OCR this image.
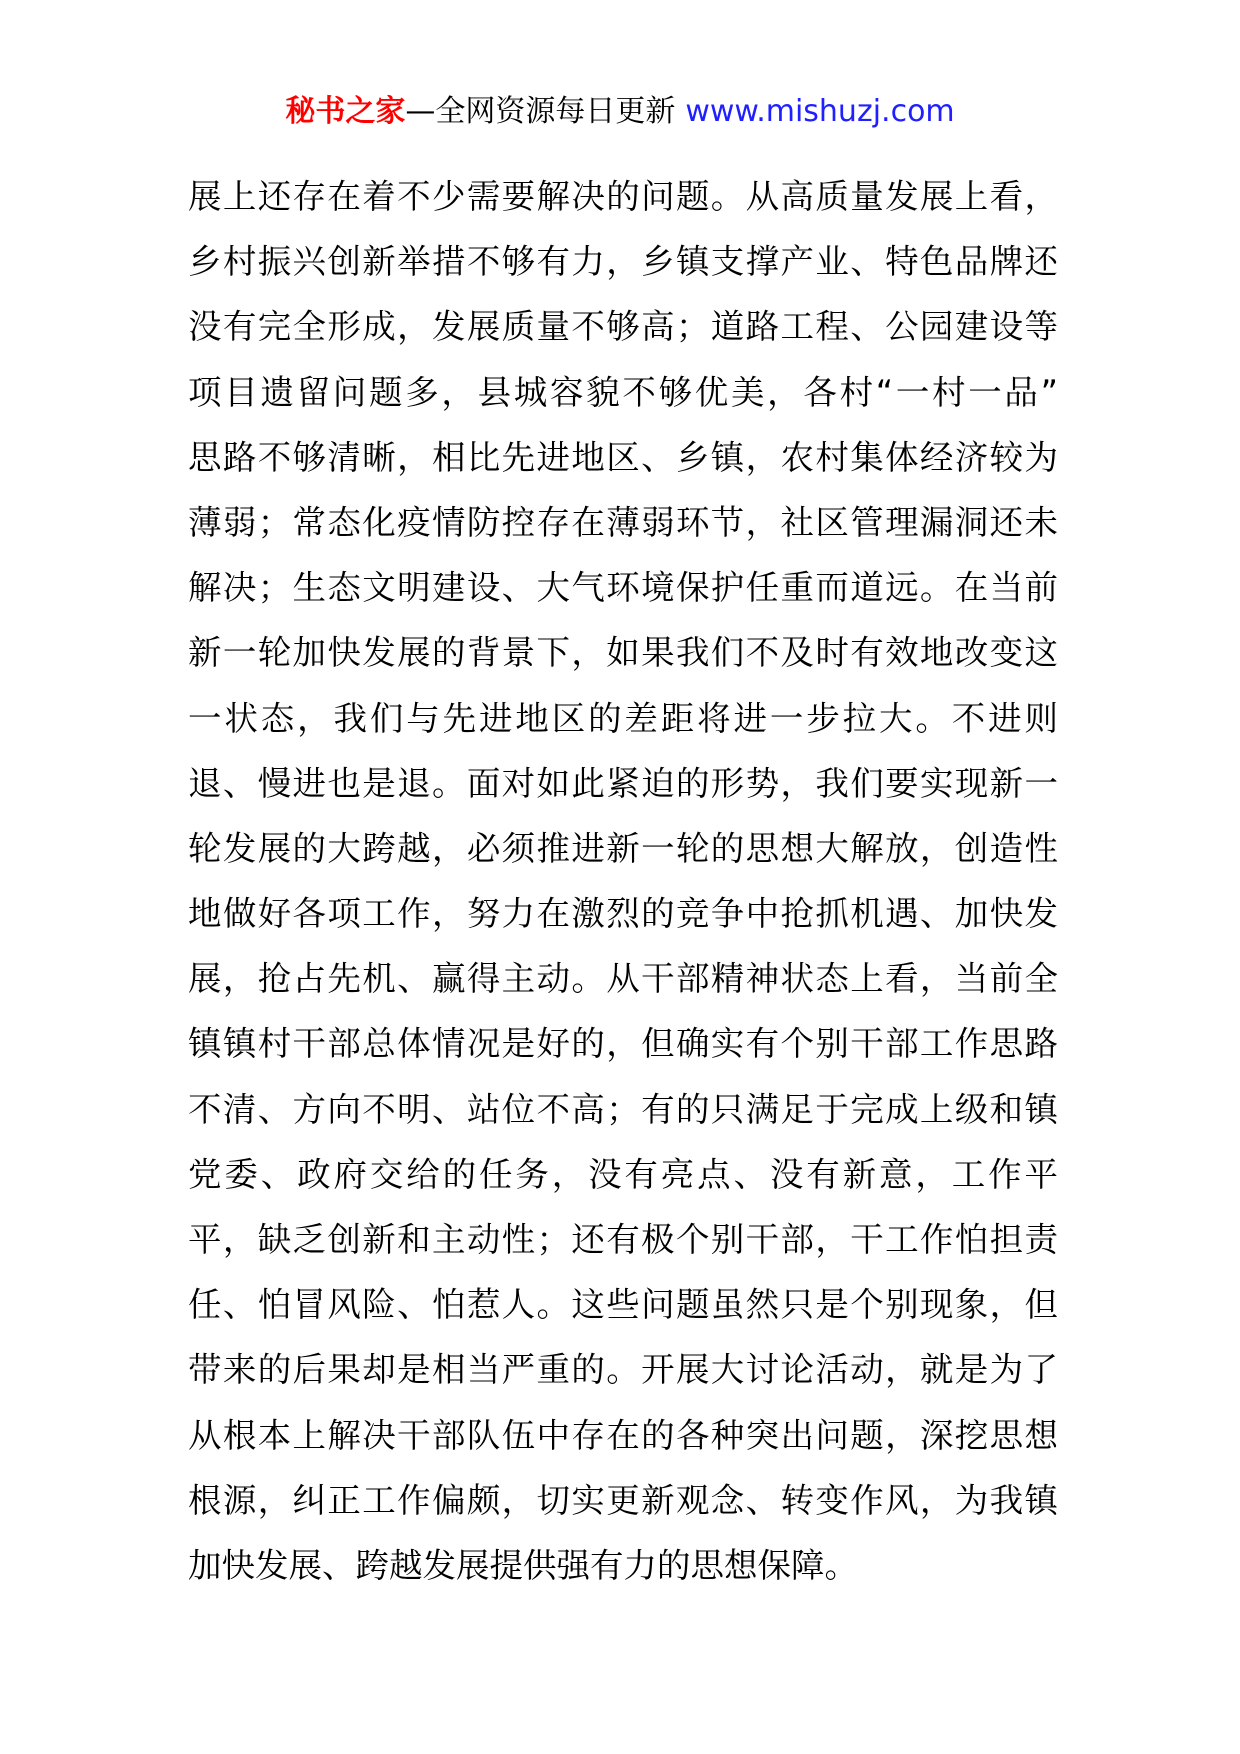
秘书之家—全网资源每日更新 www.mishuzj.com
展上还存在着不少需要解决的问题。从高质量发展上看，
乡村振兴创新举措不够有力，乡镇支撑产业、特色品牌还
没有完全形成，发展质量不够高；道路工程、公园建设等
项目遗留问题多，县城容貌不够优美，各村“一村一品”
思路不够清晰，相比先进地区、乡镇，农村集体经济较为
薄弱；常态化疫情防控存在薄弱环节，社区管理漏洞还未
解决；生态文明建设、大气环境保护任重而道远。在当前
新一轮加快发展的背景下，如果我们不及时有效地改变这
一状态，我们与先进地区的差距将进一步拉大。不进则
退、慢进也是退。面对如此紧迫的形势，我们要实现新一
轮发展的大跨越，必须推进新一轮的思想大解放，创造性
地做好各项工作，努力在激烈的竞争中抢抓机遇、加快发
展，抢占先机、赢得主动。从干部精神状态上看，当前全
镇镇村干部总体情况是好的，但确实有个别干部工作思路
不清、方向不明、站位不高；有的只满足于完成上级和镇
党委、政府交给的任务，没有亮点、没有新意，工作平
平，缺乏创新和主动性；还有极个别干部，干工作怕担责
任、怕冒风险、怕惹人。这些问题虽然只是个别现象，但
带来的后果却是相当严重的。开展大讨论活动，就是为了
从根本上解决干部队伍中存在的各种突出问题，深挖思想
根源，纠正工作偏颇，切实更新观念、转变作风，为我镇
加快发展、跨越发展提供强有力的思想保障。
